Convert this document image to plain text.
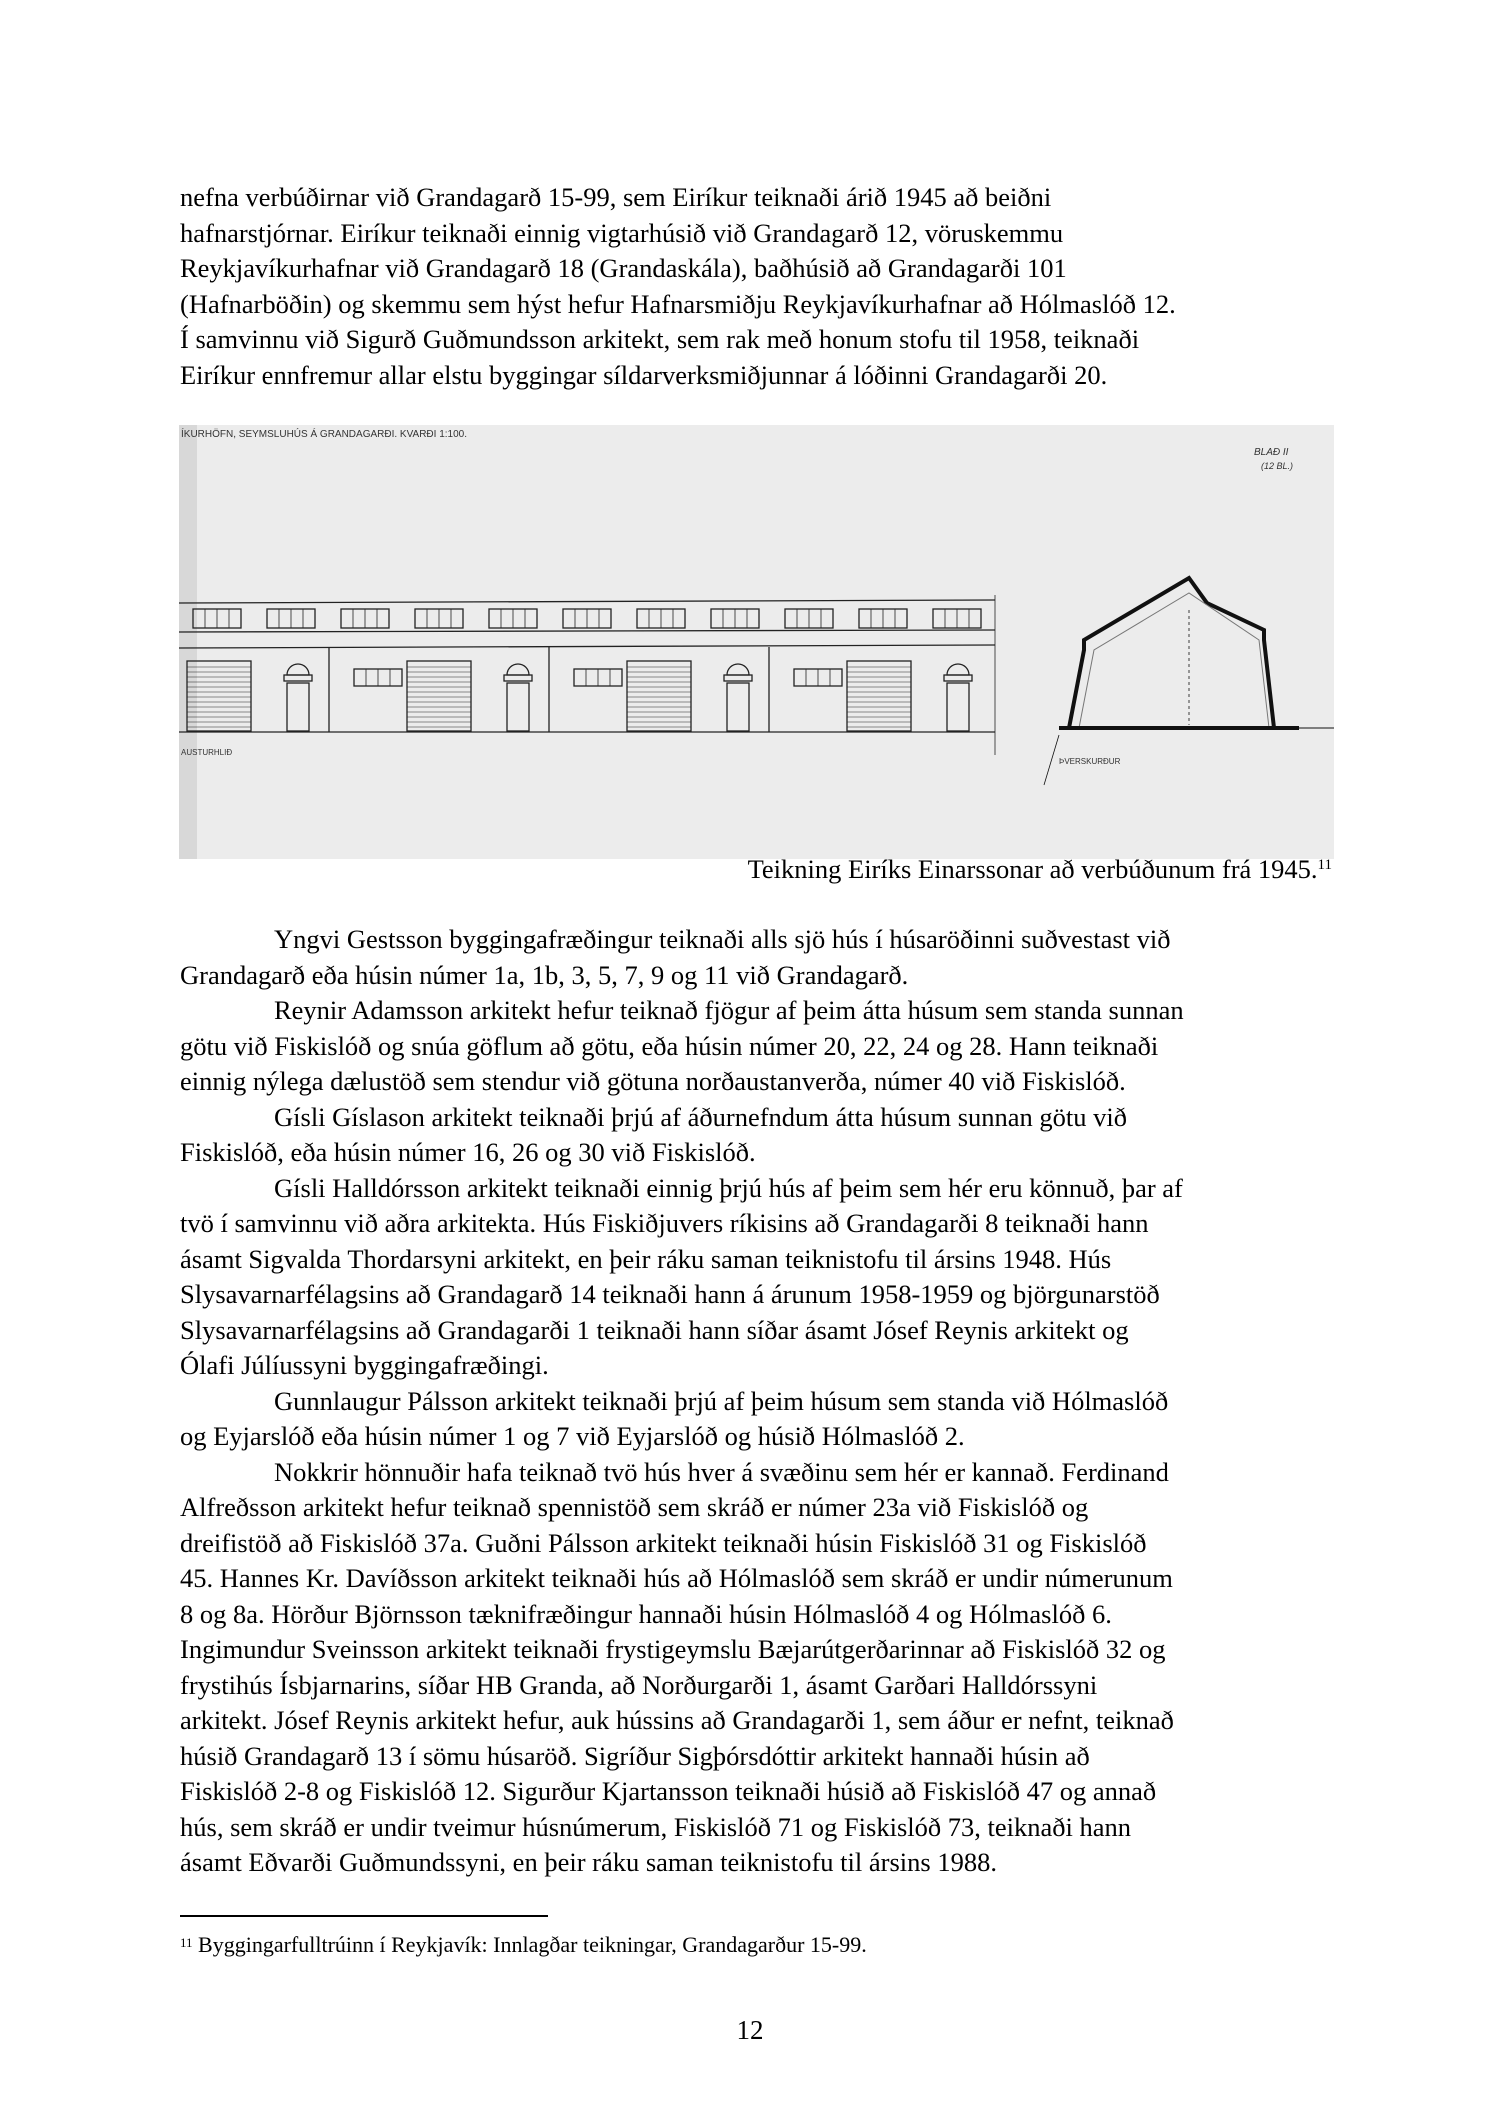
nefna verbúðirnar við Grandagarð 15-99, sem Eiríkur teiknaði árið 1945 að beiðni
hafnarstjórnar. Eiríkur teiknaði einnig vigtarhúsið við Grandagarð 12, vöruskemmu
Reykjavíkurhafnar við Grandagarð 18 (Grandaskála), baðhúsið að Grandagarði 101
(Hafnarböðin) og skemmu sem hýst hefur Hafnarsmiðju Reykjavíkurhafnar að Hólmaslóð 12.
Í samvinnu við Sigurð Guðmundsson arkitekt, sem rak með honum stofu til 1958, teiknaði
Eiríkur ennfremur allar elstu byggingar síldarverksmiðjunnar á lóðinni Grandagarði 20.
ÍKURHÖFN, SEYMSLUHÚS Á GRANDAGARÐI. KVARÐI 1:100.
BLAÐ II
(12 BL.)
AUSTURHLIÐ
ÞVERSKURÐUR
Teikning Eiríks Einarssonar að verbúðunum frá 1945.11
Yngvi Gestsson byggingafræðingur teiknaði alls sjö hús í húsaröðinni suðvestast við
Grandagarð eða húsin númer 1a, 1b, 3, 5, 7, 9 og 11 við Grandagarð.
Reynir Adamsson arkitekt hefur teiknað fjögur af þeim átta húsum sem standa sunnan
götu við Fiskislóð og snúa göflum að götu, eða húsin númer 20, 22, 24 og 28. Hann teiknaði
einnig nýlega dælustöð sem stendur við götuna norðaustanverða, númer 40 við Fiskislóð.
Gísli Gíslason arkitekt teiknaði þrjú af áðurnefndum átta húsum sunnan götu við
Fiskislóð, eða húsin númer 16, 26 og 30 við Fiskislóð.
Gísli Halldórsson arkitekt teiknaði einnig þrjú hús af þeim sem hér eru könnuð, þar af
tvö í samvinnu við aðra arkitekta. Hús Fiskiðjuvers ríkisins að Grandagarði 8 teiknaði hann
ásamt Sigvalda Thordarsyni arkitekt, en þeir ráku saman teiknistofu til ársins 1948. Hús
Slysavarnarfélagsins að Grandagarð 14 teiknaði hann á árunum 1958-1959 og björgunarstöð
Slysavarnarfélagsins að Grandagarði 1 teiknaði hann síðar ásamt Jósef Reynis arkitekt og
Ólafi Júlíussyni byggingafræðingi.
Gunnlaugur Pálsson arkitekt teiknaði þrjú af þeim húsum sem standa við Hólmaslóð
og Eyjarslóð eða húsin númer 1 og 7 við Eyjarslóð og húsið Hólmaslóð 2.
Nokkrir hönnuðir hafa teiknað tvö hús hver á svæðinu sem hér er kannað. Ferdinand
Alfreðsson arkitekt hefur teiknað spennistöð sem skráð er númer 23a við Fiskislóð og
dreifistöð að Fiskislóð 37a. Guðni Pálsson arkitekt teiknaði húsin Fiskislóð 31 og Fiskislóð
45. Hannes Kr. Davíðsson arkitekt teiknaði hús að Hólmaslóð sem skráð er undir númerunum
8 og 8a. Hörður Björnsson tæknifræðingur hannaði húsin Hólmaslóð 4 og Hólmaslóð 6.
Ingimundur Sveinsson arkitekt teiknaði frystigeymslu Bæjarútgerðarinnar að Fiskislóð 32 og
frystihús Ísbjarnarins, síðar HB Granda, að Norðurgarði 1, ásamt Garðari Halldórssyni
arkitekt. Jósef Reynis arkitekt hefur, auk hússins að Grandagarði 1, sem áður er nefnt, teiknað
húsið Grandagarð 13 í sömu húsaröð. Sigríður Sigþórsdóttir arkitekt hannaði húsin að
Fiskislóð 2-8 og Fiskislóð 12. Sigurður Kjartansson teiknaði húsið að Fiskislóð 47 og annað
hús, sem skráð er undir tveimur húsnúmerum, Fiskislóð 71 og Fiskislóð 73, teiknaði hann
ásamt Eðvarði Guðmundssyni, en þeir ráku saman teiknistofu til ársins 1988.
$^{11}$ Byggingarfulltrúinn í Reykjavík: Innlagðar teikningar, Grandagarður 15-99.
12
